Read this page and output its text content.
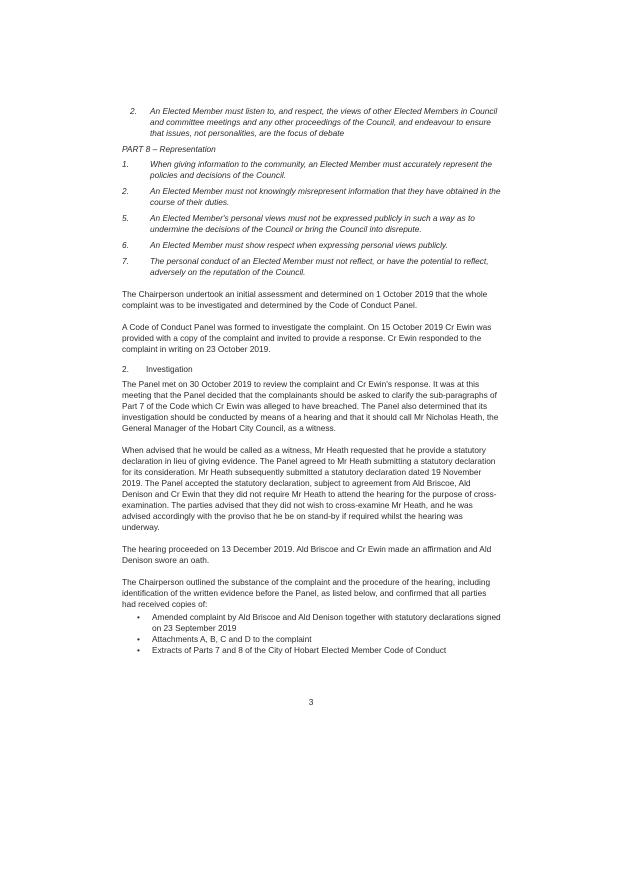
2. An Elected Member must listen to, and respect, the views of other Elected Members in Council and committee meetings and any other proceedings of the Council, and endeavour to ensure that issues, not personalities, are the focus of debate
PART 8 – Representation
1.	When giving information to the community, an Elected Member must accurately represent the policies and decisions of the Council.
2.	An Elected Member must not knowingly misrepresent information that they have obtained in the course of their duties.
5.	An Elected Member's personal views must not be expressed publicly in such a way as to undermine the decisions of the Council or bring the Council into disrepute.
6.	An Elected Member must show respect when expressing personal views publicly.
7.	The personal conduct of an Elected Member must not reflect, or have the potential to reflect, adversely on the reputation of the Council.

The Chairperson undertook an initial assessment and determined on 1 October 2019 that the whole complaint was to be investigated and determined by the Code of Conduct Panel.

A Code of Conduct Panel was formed to investigate the complaint. On 15 October 2019 Cr Ewin was provided with a copy of the complaint and invited to provide a response. Cr Ewin responded to the complaint in writing on 23 October 2019.

2. Investigation

The Panel met on 30 October 2019 to review the complaint and Cr Ewin's response. It was at this meeting that the Panel decided that the complainants should be asked to clarify the sub-paragraphs of Part 7 of the Code which Cr Ewin was alleged to have breached. The Panel also determined that its investigation should be conducted by means of a hearing and that it should call Mr Nicholas Heath, the General Manager of the Hobart City Council, as a witness.

When advised that he would be called as a witness, Mr Heath requested that he provide a statutory declaration in lieu of giving evidence. The Panel agreed to Mr Heath submitting a statutory declaration for its consideration. Mr Heath subsequently submitted a statutory declaration dated 19 November 2019. The Panel accepted the statutory declaration, subject to agreement from Ald Briscoe, Ald Denison and Cr Ewin that they did not require Mr Heath to attend the hearing for the purpose of cross-examination. The parties advised that they did not wish to cross-examine Mr Heath, and he was advised accordingly with the proviso that he be on stand-by if required whilst the hearing was underway.

The hearing proceeded on 13 December 2019. Ald Briscoe and Cr Ewin made an affirmation and Ald Denison swore an oath.

The Chairperson outlined the substance of the complaint and the procedure of the hearing, including identification of the written evidence before the Panel, as listed below, and confirmed that all parties had received copies of:

• Amended complaint by Ald Briscoe and Ald Denison together with statutory declarations signed on 23 September 2019
• Attachments A, B, C and D to the complaint
• Extracts of Parts 7 and 8 of the City of Hobart Elected Member Code of Conduct
3
